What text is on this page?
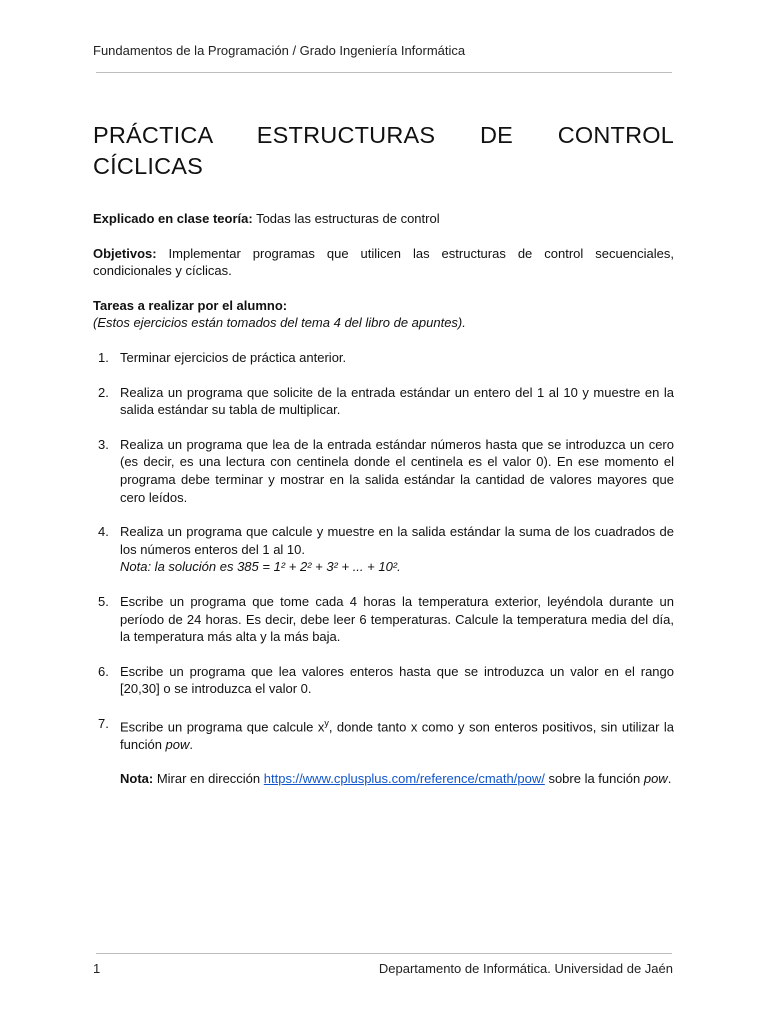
Fundamentos de la Programación / Grado Ingeniería Informática
PRÁCTICA ESTRUCTURAS DE CONTROL CÍCLICAS

Explicado en clase teoría: Todas las estructuras de control

Objetivos: Implementar programas que utilicen las estructuras de control secuenciales, condicionales y cíclicas.

Tareas a realizar por el alumno:

(Estos ejercicios están tomados del tema 4 del libro de apuntes).

1. Terminar ejercicios de práctica anterior.
2. Realiza un programa que solicite de la entrada estándar un entero del 1 al 10 y muestre en la salida estándar su tabla de multiplicar.
3. Realiza un programa que lea de la entrada estándar números hasta que se introduzca un cero (es decir, es una lectura con centinela donde el centinela es el valor 0). En ese momento el programa debe terminar y mostrar en la salida estándar la cantidad de valores mayores que cero leídos.
4. Realiza un programa que calcule y muestre en la salida estándar la suma de los cuadrados de los números enteros del 1 al 10.
Nota: la solución es 385 = 1² + 2² + 3² + ... + 10².
5. Escribe un programa que tome cada 4 horas la temperatura exterior, leyéndola durante un período de 24 horas. Es decir, debe leer 6 temperaturas. Calcule la temperatura media del día, la temperatura más alta y la más baja.
6. Escribe un programa que lea valores enteros hasta que se introduzca un valor en el rango [20,30] o se introduzca el valor 0.
7. Escribe un programa que calcule $x^y$, donde tanto x como y son enteros positivos, sin utilizar la función pow.
Nota: Mirar en dirección https://www.cplusplus.com/reference/cmath/pow/ sobre la función pow.
1	Departamento de Informática. Universidad de Jaén
